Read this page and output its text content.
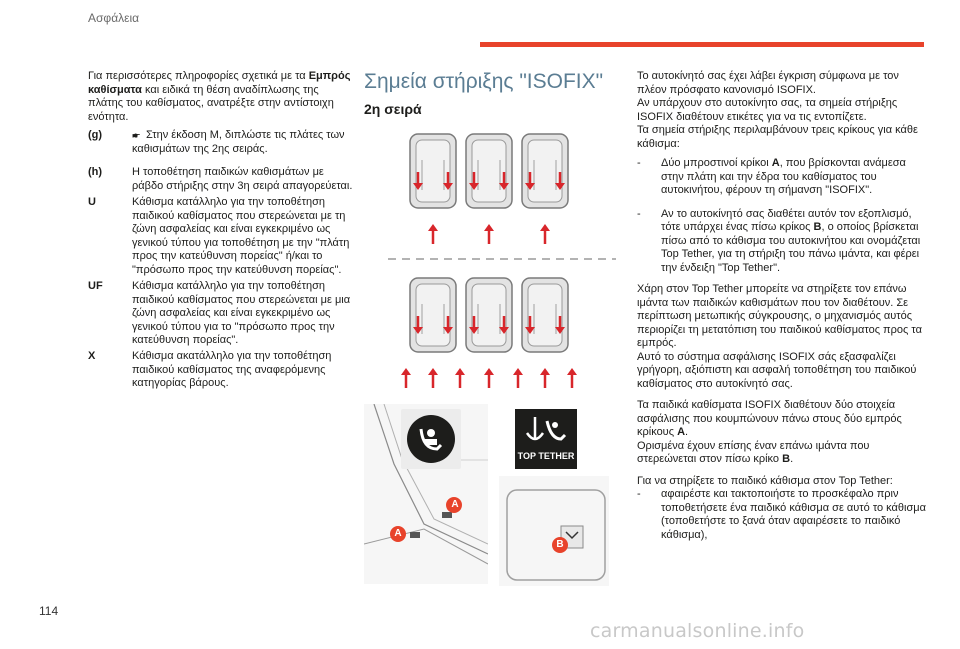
Ασφάλεια
Για περισσότερες πληροφορίες σχετικά με τα Εμπρός καθίσματα και ειδικά τη θέση αναδίπλωσης της πλάτης του καθίσματος, ανατρέξτε στην αντίστοιχη ενότητα.
(g)	🖝 Στην έκδοση M, διπλώστε τις πλάτες των καθισμάτων της 2ης σειράς.
(h)	Η τοποθέτηση παιδικών καθισμάτων με ράβδο στήριξης στην 3η σειρά απαγορεύεται.
U	Κάθισμα κατάλληλο για την τοποθέτηση παιδικού καθίσματος που στερεώνεται με τη ζώνη ασφαλείας και είναι εγκεκριμένο ως γενικού τύπου για τοποθέτηση με την "πλάτη προς την κατεύθυνση πορείας" ή/και το "πρόσωπο προς την κατεύθυνση πορείας".
UF	Κάθισμα κατάλληλο για την τοποθέτηση παιδικού καθίσματος που στερεώνεται με μια ζώνη ασφαλείας και είναι εγκεκριμένο ως γενικού τύπου για το "πρόσωπο προς την κατεύθυνση πορείας".
X	Κάθισμα ακατάλληλο για την τοποθέτηση παιδικού καθίσματος της αναφερόμενης κατηγορίας βάρους.
Σημεία στήριξης "ISOFIX"
2η σειρά
A
A
TOP TETHER
B

Το αυτοκίνητό σας έχει λάβει έγκριση σύμφωνα με τον πλέον πρόσφατο κανονισμό ISOFIX.

Αν υπάρχουν στο αυτοκίνητο σας, τα σημεία στήριξης ISOFIX διαθέτουν ετικέτες για να τις εντοπίζετε.

Τα σημεία στήριξης περιλαμβάνουν τρεις κρίκους για κάθε κάθισμα:

- Δύο μπροστινοί κρίκοι A, που βρίσκονται ανάμεσα στην πλάτη και την έδρα του καθίσματος του αυτοκινήτου, φέρουν τη σήμανση "ISOFIX".

- Αν το αυτοκίνητό σας διαθέτει αυτόν τον εξοπλισμό, τότε υπάρχει ένας πίσω κρίκος B, ο οποίος βρίσκεται πίσω από το κάθισμα του αυτοκινήτου και ονομάζεται Top Tether, για τη στήριξη του πάνω ιμάντα, και φέρει την ένδειξη "Top Tether".

Χάρη στον Top Tether μπορείτε να στηρίξετε τον επάνω ιμάντα των παιδικών καθισμάτων που τον διαθέτουν. Σε περίπτωση μετωπικής σύγκρουσης, ο μηχανισμός αυτός περιορίζει τη μετατόπιση του παιδικού καθίσματος προς τα εμπρός.

Αυτό το σύστημα ασφάλισης ISOFIX σάς εξασφαλίζει γρήγορη, αξιόπιστη και ασφαλή τοποθέτηση του παιδικού καθίσματος στο αυτοκίνητό σας.

Τα παιδικά καθίσματα ISOFIX διαθέτουν δύο στοιχεία ασφάλισης που κουμπώνουν πάνω στους δύο εμπρός κρίκους A.

Ορισμένα έχουν επίσης έναν επάνω ιμάντα που στερεώνεται στον πίσω κρίκο B.

Για να στηρίξετε το παιδικό κάθισμα στον Top Tether:

- αφαιρέστε και τακτοποιήστε το προσκέφαλο πριν τοποθετήσετε ένα παιδικό κάθισμα σε αυτό το κάθισμα (τοποθετήστε το ξανά όταν αφαιρέσετε το παιδικό κάθισμα),

114
carmanualsonline.info
